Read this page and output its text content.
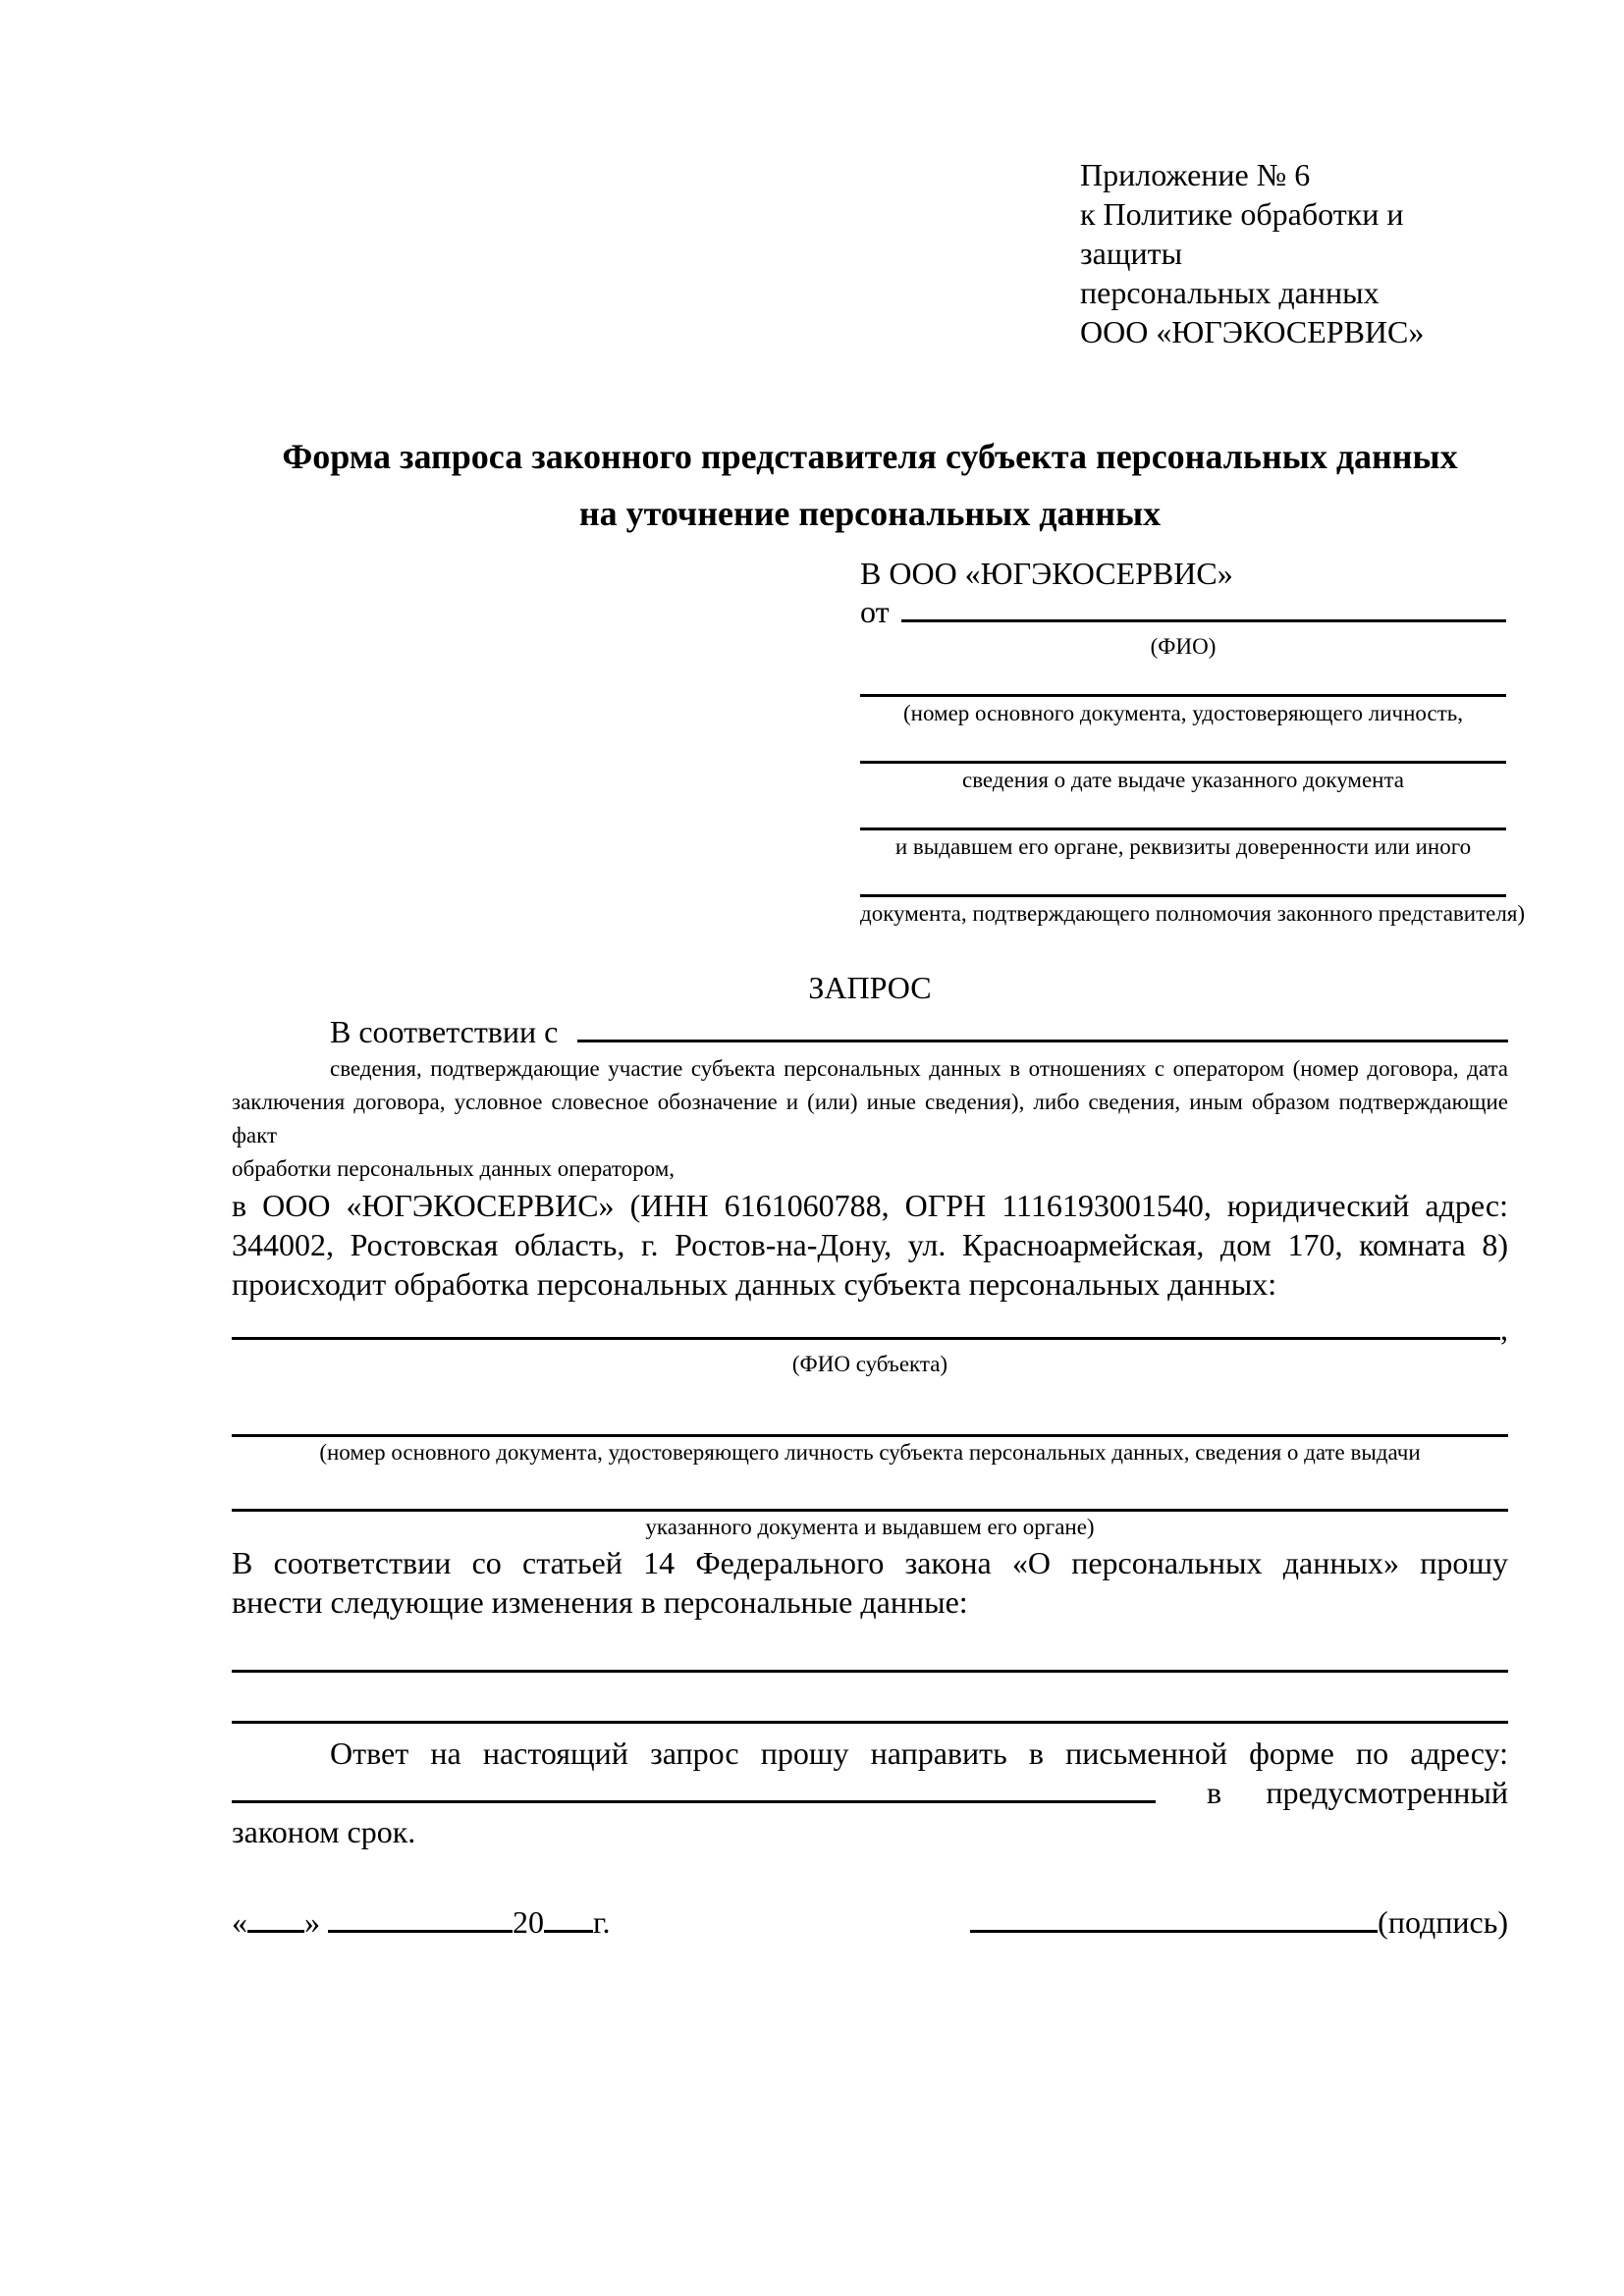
Приложение № 6
к Политике обработки и защиты
персональных данных
ООО «ЮГЭКОСЕРВИС»
Форма запроса законного представителя субъекта персональных данных
на уточнение персональных данных
В ООО «ЮГЭКОСЕРВИС»
от
(ФИО)
(номер основного документа, удостоверяющего личность,
сведения о дате выдаче указанного документа
и выдавшем его органе, реквизиты доверенности или иного
документа, подтверждающего полномочия законного представителя)
ЗАПРОС
В соответствии с
сведения, подтверждающие участие субъекта персональных данных в отношениях с оператором (номер договора, дата
заключения договора, условное словесное обозначение и (или) иные сведения), либо сведения, иным образом подтверждающие факт
обработки персональных данных оператором,
в ООО «ЮГЭКОСЕРВИС» (ИНН 6161060788, ОГРН 1116193001540, юридический адрес:
344002, Ростовская область, г. Ростов-на-Дону, ул. Красноармейская, дом 170, комната 8)
происходит обработка персональных данных субъекта персональных данных:
,
(ФИО субъекта)
(номер основного документа, удостоверяющего личность субъекта персональных данных, сведения о дате выдачи
указанного документа и выдавшем его органе)
В соответствии со статьей 14 Федерального закона «О персональных данных» прошу
внести следующие изменения в персональные данные:
Ответ на настоящий запрос прошу направить в письменной форме по адресу:
в предусмотренный
законом срок.
« »	20 г.	(подпись)
